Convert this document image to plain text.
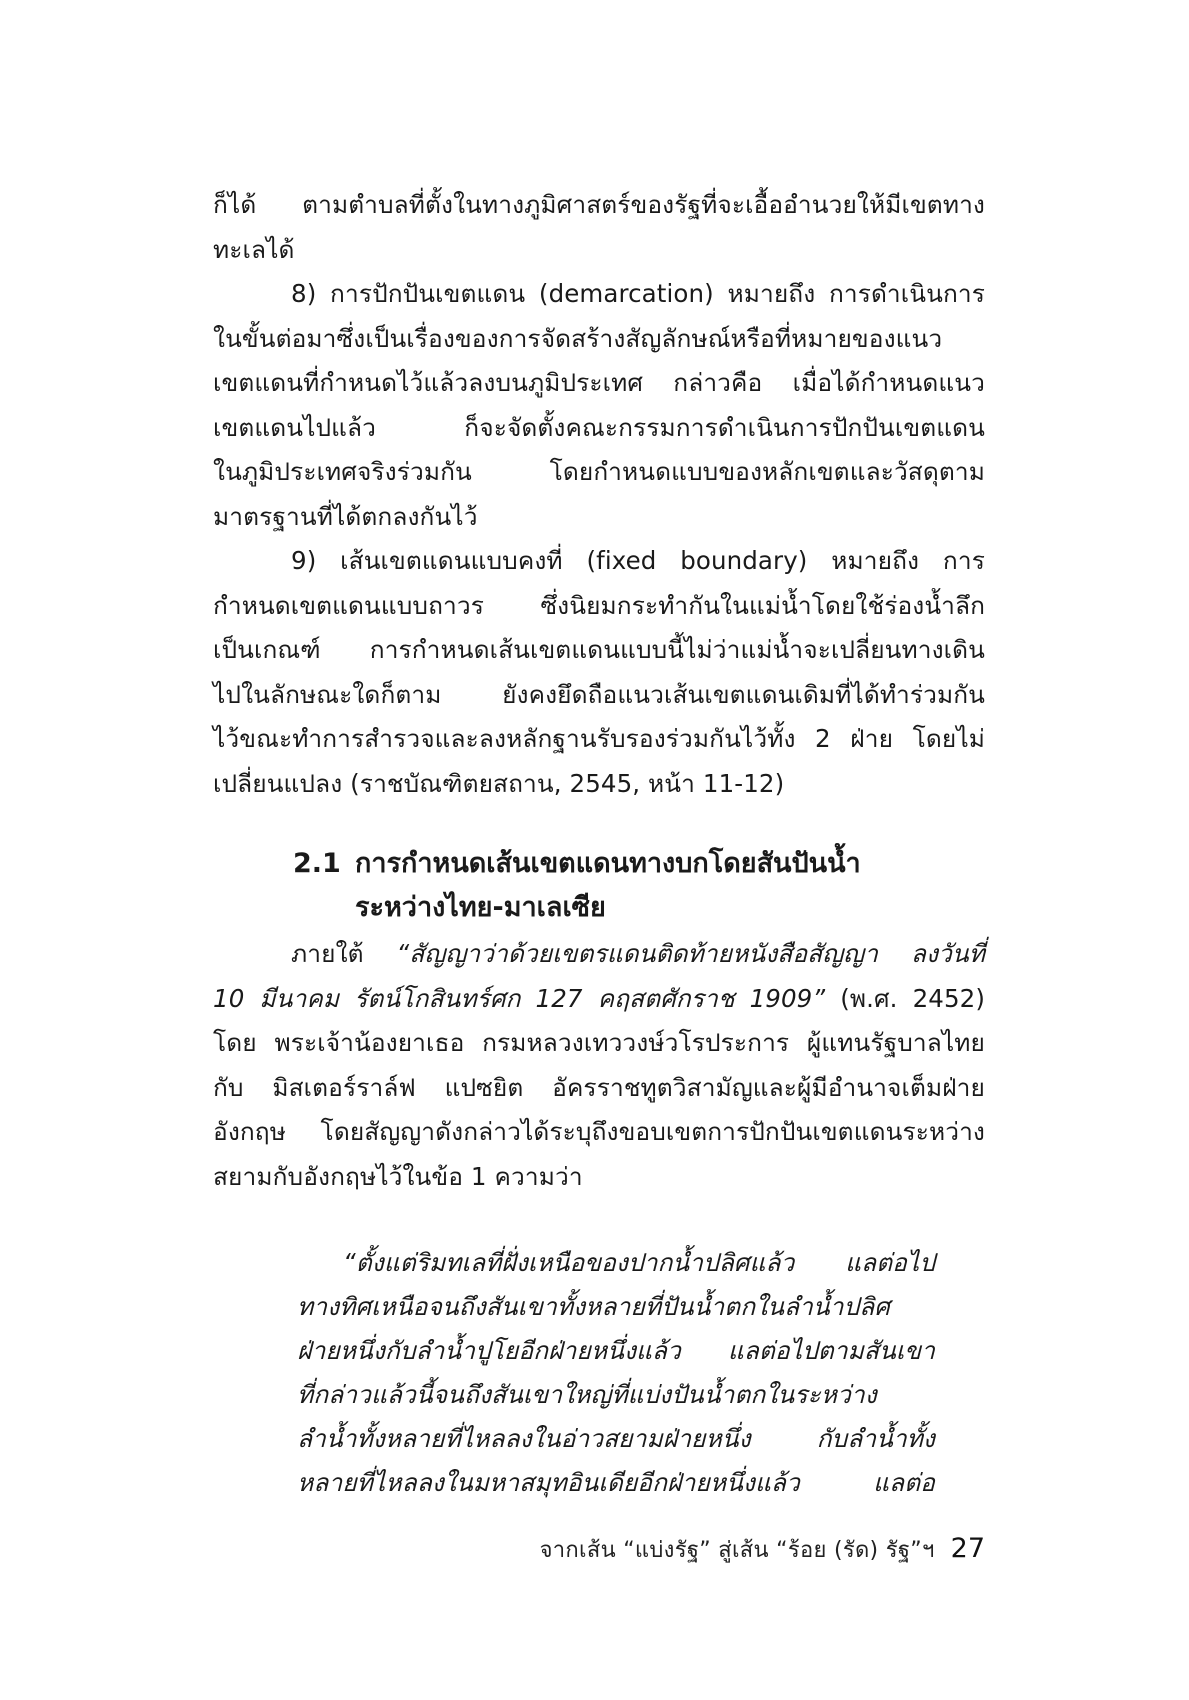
ก็ได้ ตามตำบลที่ตั้งในทางภูมิศาสตร์ของรัฐที่จะเอื้ออำนวยให้มีเขตทาง
ทะเลได้
8) การปักปันเขตแดน (demarcation) หมายถึง การดำเนินการ
ในขั้นต่อมาซึ่งเป็นเรื่องของการจัดสร้างสัญลักษณ์หรือที่หมายของแนว
เขตแดนที่กำหนดไว้แล้วลงบนภูมิประเทศ กล่าวคือ เมื่อได้กำหนดแนว
เขตแดนไปแล้ว ก็จะจัดตั้งคณะกรรมการดำเนินการปักปันเขตแดน
ในภูมิประเทศจริงร่วมกัน โดยกำหนดแบบของหลักเขตและวัสดุตาม
มาตรฐานที่ได้ตกลงกันไว้
9) เส้นเขตแดนแบบคงที่ (fixed boundary) หมายถึง การ
กำหนดเขตแดนแบบถาวร ซึ่งนิยมกระทำกันในแม่น้ำโดยใช้ร่องน้ำลึก
เป็นเกณฑ์ การกำหนดเส้นเขตแดนแบบนี้ไม่ว่าแม่น้ำจะเปลี่ยนทางเดิน
ไปในลักษณะใดก็ตาม ยังคงยึดถือแนวเส้นเขตแดนเดิมที่ได้ทำร่วมกัน
ไว้ขณะทำการสำรวจและลงหลักฐานรับรองร่วมกันไว้ทั้ง 2 ฝ่าย โดยไม่
เปลี่ยนแปลง (ราชบัณฑิตยสถาน, 2545, หน้า 11-12)
2.1 การกำหนดเส้นเขตแดนทางบกโดยสันปันน้ำ
ระหว่างไทย-มาเลเซีย
ภายใต้ “สัญญาว่าด้วยเขตรแดนติดท้ายหนังสือสัญญา ลงวันที่
10 มีนาคม รัตน์โกสินทร์ศก 127 คฤสตศักราช 1909” (พ.ศ. 2452)
โดย พระเจ้าน้องยาเธอ กรมหลวงเทววงษ์วโรประการ ผู้แทนรัฐบาลไทย
กับ มิสเตอร์ราล์ฟ แปซยิต อัครราชทูตวิสามัญและผู้มีอำนาจเต็มฝ่าย
อังกฤษ โดยสัญญาดังกล่าวได้ระบุถึงขอบเขตการปักปันเขตแดนระหว่าง
สยามกับอังกฤษไว้ในข้อ 1 ความว่า
“ตั้งแต่ริมทเลที่ฝั่งเหนือของปากน้ำปลิศแล้ว แลต่อไป
ทางทิศเหนือจนถึงสันเขาทั้งหลายที่ปันน้ำตกในลำน้ำปลิศ
ฝ่ายหนึ่งกับลำน้ำปูโยอีกฝ่ายหนึ่งแล้ว แลต่อไปตามสันเขา
ที่กล่าวแล้วนี้จนถึงสันเขาใหญ่ที่แบ่งปันน้ำตกในระหว่าง
ลำน้ำทั้งหลายที่ไหลลงในอ่าวสยามฝ่ายหนึ่ง กับลำน้ำทั้ง
หลายที่ไหลลงในมหาสมุทอินเดียอีกฝ่ายหนึ่งแล้ว แลต่อ
จากเส้น “แบ่งรัฐ” สู่เส้น “ร้อย (รัด) รัฐ”ฯ 27
